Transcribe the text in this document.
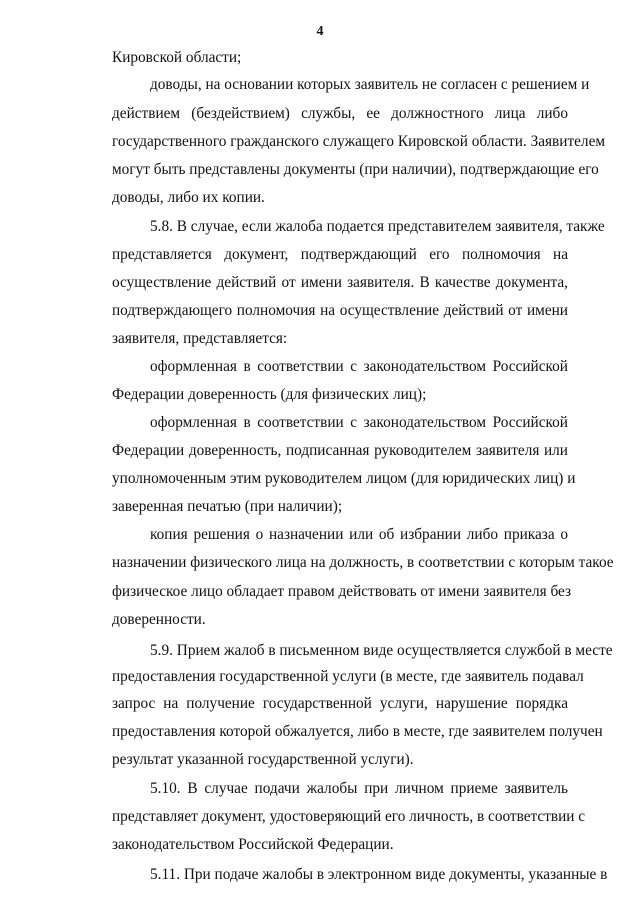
4
Кировской области;
доводы, на основании которых заявитель не согласен с решением и
действием (бездействием) службы, ее должностного лица либо
государственного гражданского служащего Кировской области. Заявителем
могут быть представлены документы (при наличии), подтверждающие его
доводы, либо их копии.
5.8. В случае, если жалоба подается представителем заявителя, также
представляется документ, подтверждающий его полномочия на
осуществление действий от имени заявителя. В качестве документа,
подтверждающего полномочия на осуществление действий от имени
заявителя, представляется:
оформленная в соответствии с законодательством Российской
Федерации доверенность (для физических лиц);
оформленная в соответствии с законодательством Российской
Федерации доверенность, подписанная руководителем заявителя или
уполномоченным этим руководителем лицом (для юридических лиц) и
заверенная печатью (при наличии);
копия решения о назначении или об избрании либо приказа о
назначении физического лица на должность, в соответствии с которым такое
физическое лицо обладает правом действовать от имени заявителя без
доверенности.
5.9. Прием жалоб в письменном виде осуществляется службой в месте
предоставления государственной услуги (в месте, где заявитель подавал
запрос на получение государственной услуги, нарушение порядка
предоставления которой обжалуется, либо в месте, где заявителем получен
результат указанной государственной услуги).
5.10. В случае подачи жалобы при личном приеме заявитель
представляет документ, удостоверяющий его личность, в соответствии с
законодательством Российской Федерации.
5.11. При подаче жалобы в электронном виде документы, указанные в
